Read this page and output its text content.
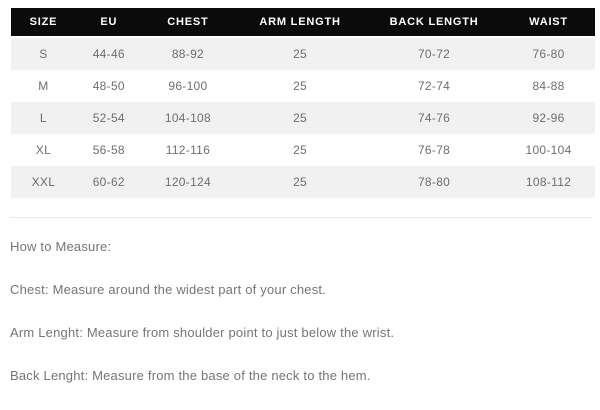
SIZE	EU	CHEST	ARM LENGTH	BACK LENGTH	WAIST
S	44-46	88-92	25	70-72	76-80
M	48-50	96-100	25	72-74	84-88
L	52-54	104-108	25	74-76	92-96
XL	56-58	112-116	25	76-78	100-104
XXL	60-62	120-124	25	78-80	108-112

How to Measure:

Chest: Measure around the widest part of your chest.

Arm Lenght: Measure from shoulder point to just below the wrist.

Back Lenght: Measure from the base of the neck to the hem.
